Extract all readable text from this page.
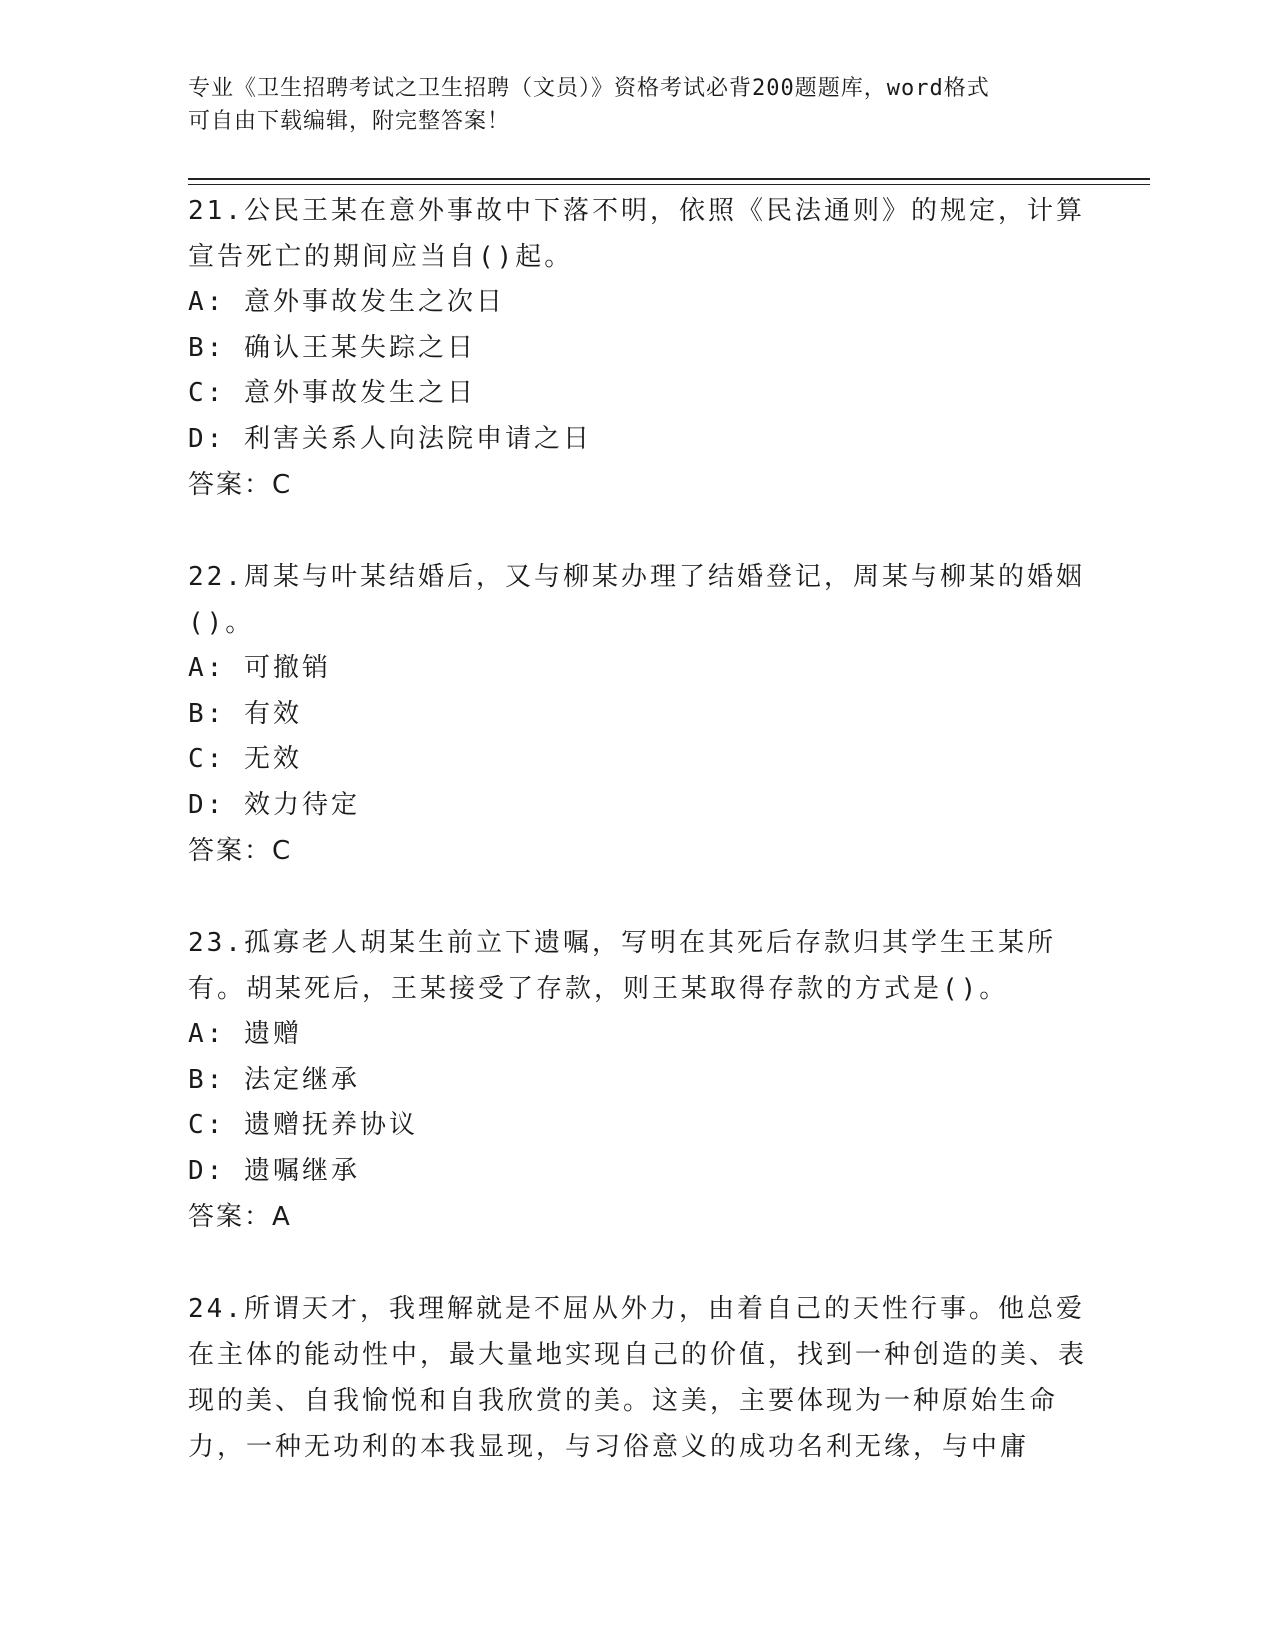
专业《卫生招聘考试之卫生招聘（文员）》资格考试必背200题题库，word格式
可自由下载编辑，附完整答案！
21.公民王某在意外事故中下落不明，依照《民法通则》的规定，计算宣告死亡的期间应当自()起。
A: 意外事故发生之次日
B: 确认王某失踪之日
C: 意外事故发生之日
D: 利害关系人向法院申请之日
答案：C
22.周某与叶某结婚后，又与柳某办理了结婚登记，周某与柳某的婚姻()。
A: 可撤销
B: 有效
C: 无效
D: 效力待定
答案：C
23.孤寡老人胡某生前立下遗嘱，写明在其死后存款归其学生王某所有。胡某死后，王某接受了存款，则王某取得存款的方式是()。
A: 遗赠
B: 法定继承
C: 遗赠抚养协议
D: 遗嘱继承
答案：A
24.所谓天才，我理解就是不屈从外力，由着自己的天性行事。他总爱在主体的能动性中，最大量地实现自己的价值，找到一种创造的美、表现的美、自我愉悦和自我欣赏的美。这美，主要体现为一种原始生命力，一种无功利的本我显现，与习俗意义的成功名利无缘，与中庸
